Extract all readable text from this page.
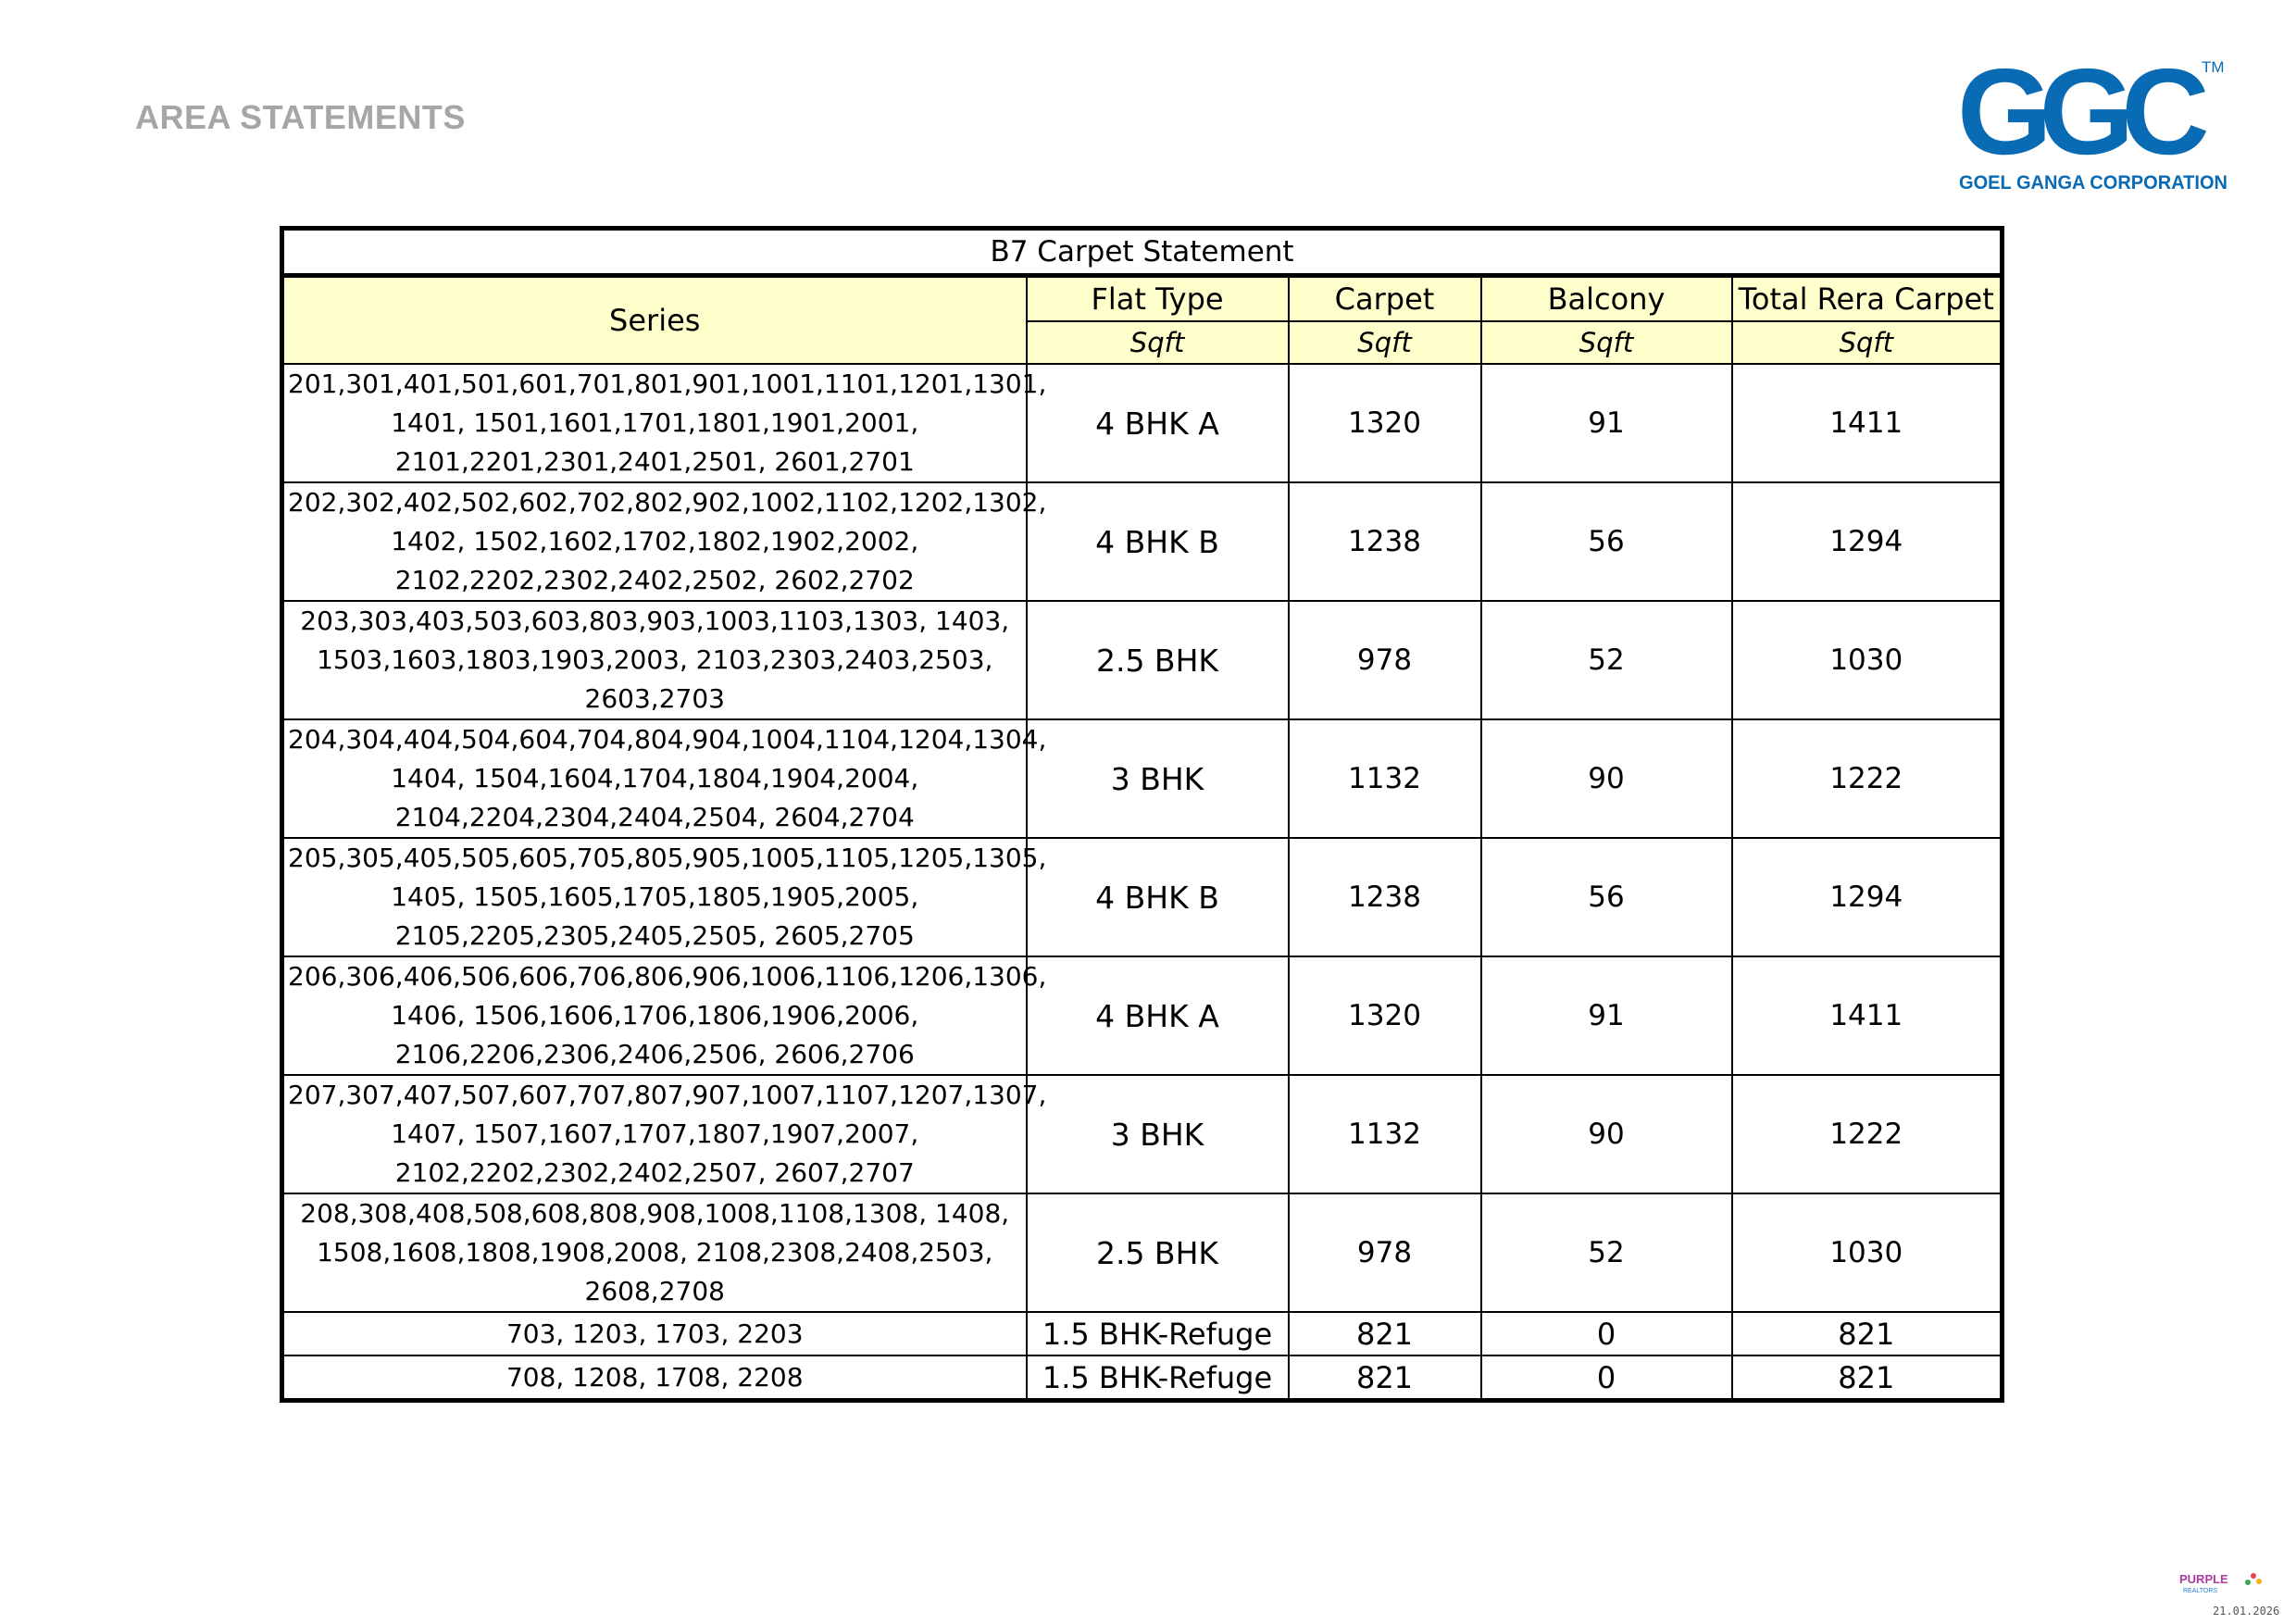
AREA STATEMENTS	GGC TM
GOEL GANGA CORPORATION
B7 Carpet Statement				
Series	Flat Type	Carpet	Balcony	Total Rera Carpet
	Sqft	Sqft	Sqft	Sqft

201,301,401,501,601,701,801,901,1001,1101,1201,1301,
1401, 1501,1601,1701,1801,1901,2001,
2101,2201,2301,2401,2501, 2601,2701	4 BHK A	1320	91	1411

202,302,402,502,602,702,802,902,1002,1102,1202,1302,
1402, 1502,1602,1702,1802,1902,2002,
2102,2202,2302,2402,2502, 2602,2702	4 BHK B	1238	56	1294

203,303,403,503,603,803,903,1003,1103,1303, 1403,
1503,1603,1803,1903,2003, 2103,2303,2403,2503,
2603,2703	2.5 BHK	978	52	1030

204,304,404,504,604,704,804,904,1004,1104,1204,1304,
1404, 1504,1604,1704,1804,1904,2004,
2104,2204,2304,2404,2504, 2604,2704	3 BHK	1132	90	1222

205,305,405,505,605,705,805,905,1005,1105,1205,1305,
1405, 1505,1605,1705,1805,1905,2005,
2105,2205,2305,2405,2505, 2605,2705	4 BHK B	1238	56	1294

206,306,406,506,606,706,806,906,1006,1106,1206,1306,
1406, 1506,1606,1706,1806,1906,2006,
2106,2206,2306,2406,2506, 2606,2706	4 BHK A	1320	91	1411

207,307,407,507,607,707,807,907,1007,1107,1207,1307,
1407, 1507,1607,1707,1807,1907,2007,
2102,2202,2302,2402,2507, 2607,2707	3 BHK	1132	90	1222

208,308,408,508,608,808,908,1008,1108,1308, 1408,
1508,1608,1808,1908,2008, 2108,2308,2408,2503,
2608,2708	2.5 BHK	978	52	1030

703, 1203, 1703, 2203	1.5 BHK-Refuge	821	0	821

708, 1208, 1708, 2208	1.5 BHK-Refuge	821	0	821
PURPLE
REALTORS
21.01.2026
